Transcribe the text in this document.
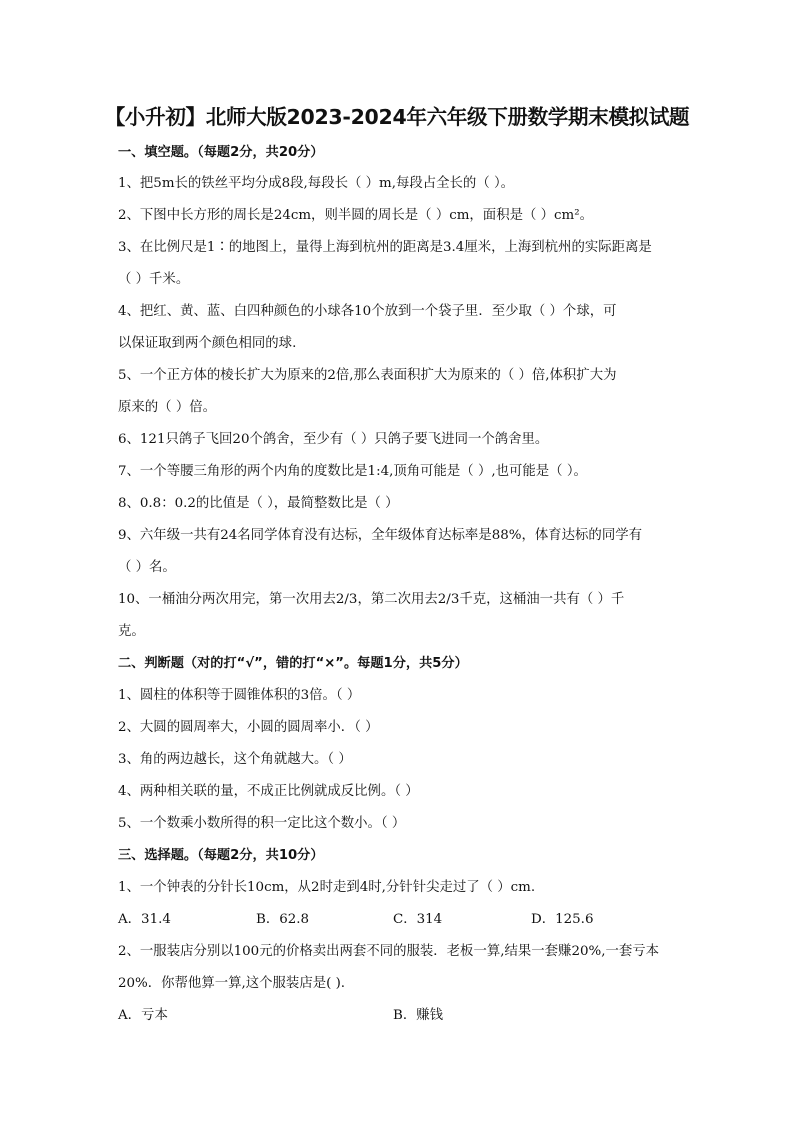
【小升初】北师大版2023-2024年六年级下册数学期末模拟试题
一、填空题。（每题2分，共20分）
1、把5m长的铁丝平均分成8段,每段长（ ）m,每段占全长的（ ）。
2、下图中长方形的周长是24cm，则半圆的周长是（ ）cm，面积是（ ）cm²。
3、在比例尺是1∶的地图上，量得上海到杭州的距离是3.4厘米，上海到杭州的实际距离是
（ ）千米。
4、把红、黄、蓝、白四种颜色的小球各10个放到一个袋子里．至少取（ ）个球，可
以保证取到两个颜色相同的球.
5、一个正方体的棱长扩大为原来的2倍,那么表面积扩大为原来的（ ）倍,体积扩大为
原来的（ ）倍。
6、121只鸽子飞回20个鸽舍，至少有（ ）只鸽子要飞进同一个鸽舍里。
7、一个等腰三角形的两个内角的度数比是1:4,顶角可能是（ ）,也可能是（ ）。
8、0.8：0.2的比值是（ ），最简整数比是（ ）
9、六年级一共有24名同学体育没有达标，全年级体育达标率是88%，体育达标的同学有
（ ）名。
10、一桶油分两次用完，第一次用去2/3，第二次用去2/3千克，这桶油一共有（ ）千
克。
二、判断题（对的打“√”，错的打“×”。每题1分，共5分）
1、圆柱的体积等于圆锥体积的3倍。（ ）
2、大圆的圆周率大，小圆的圆周率小．（ ）
3、角的两边越长，这个角就越大。（ ）
4、两种相关联的量，不成正比例就成反比例。（ ）
5、一个数乘小数所得的积一定比这个数小。（ ）
三、选择题。（每题2分，共10分）
1、一个钟表的分针长10cm，从2时走到4时,分针针尖走过了（ ）cm.
A．31.4	B．62.8	C．314	D．125.6
2、一服装店分别以100元的价格卖出两套不同的服装．老板一算,结果一套赚20%,一套亏本
20%．你帮他算一算,这个服装店是( ).
A．亏本	B．赚钱
